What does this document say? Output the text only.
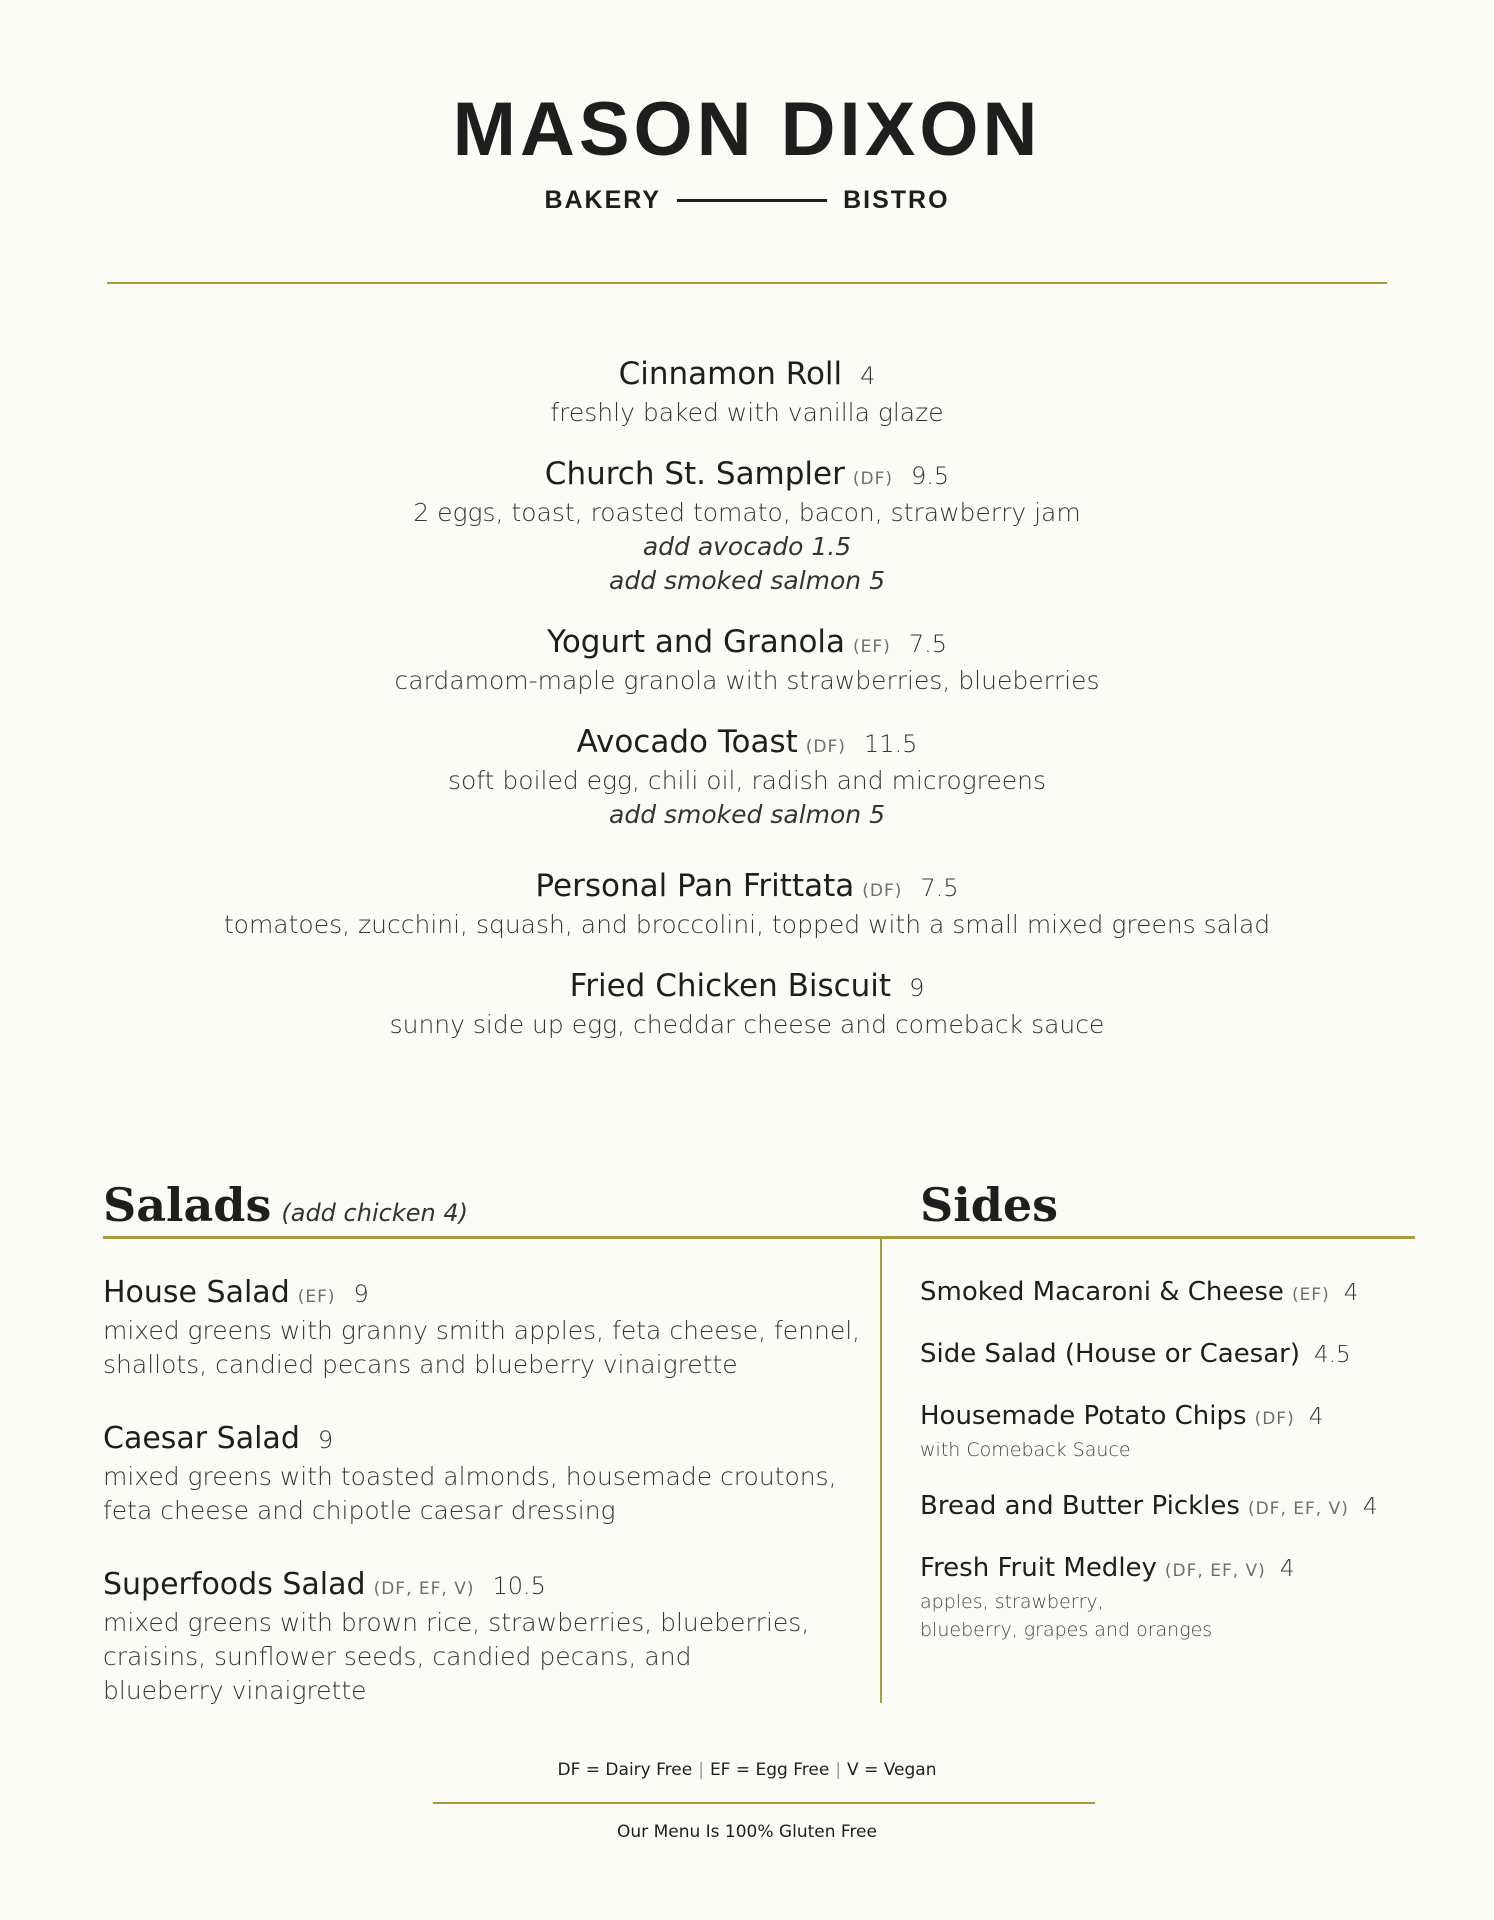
MASON DIXON
BAKERY	BISTRO
Cinnamon Roll 4
freshly baked with vanilla glaze
Church St. Sampler (DF) 9.5
2 eggs, toast, roasted tomato, bacon, strawberry jam
add avocado 1.5
add smoked salmon 5
Yogurt and Granola (EF) 7.5
cardamom-maple granola with strawberries, blueberries
Avocado Toast (DF) 11.5
soft boiled egg, chili oil, radish and microgreens
add smoked salmon 5
Personal Pan Frittata (DF) 7.5
tomatoes, zucchini, squash, and broccolini, topped with a small mixed greens salad
Fried Chicken Biscuit 9
sunny side up egg, cheddar cheese and comeback sauce
Salads (add chicken 4)	Sides
House Salad (EF) 9
mixed greens with granny smith apples, feta cheese, fennel,
shallots, candied pecans and blueberry vinaigrette
Caesar Salad 9
mixed greens with toasted almonds, housemade croutons,
feta cheese and chipotle caesar dressing
Superfoods Salad (DF, EF, V) 10.5
mixed greens with brown rice, strawberries, blueberries,
craisins, sunflower seeds, candied pecans, and
blueberry vinaigrette
Smoked Macaroni & Cheese (EF) 4
Side Salad (House or Caesar) 4.5
Housemade Potato Chips (DF) 4
with Comeback Sauce
Bread and Butter Pickles (DF, EF, V) 4
Fresh Fruit Medley (DF, EF, V) 4
apples, strawberry,
blueberry, grapes and oranges
DF = Dairy Free | EF = Egg Free | V = Vegan
Our Menu Is 100% Gluten Free
